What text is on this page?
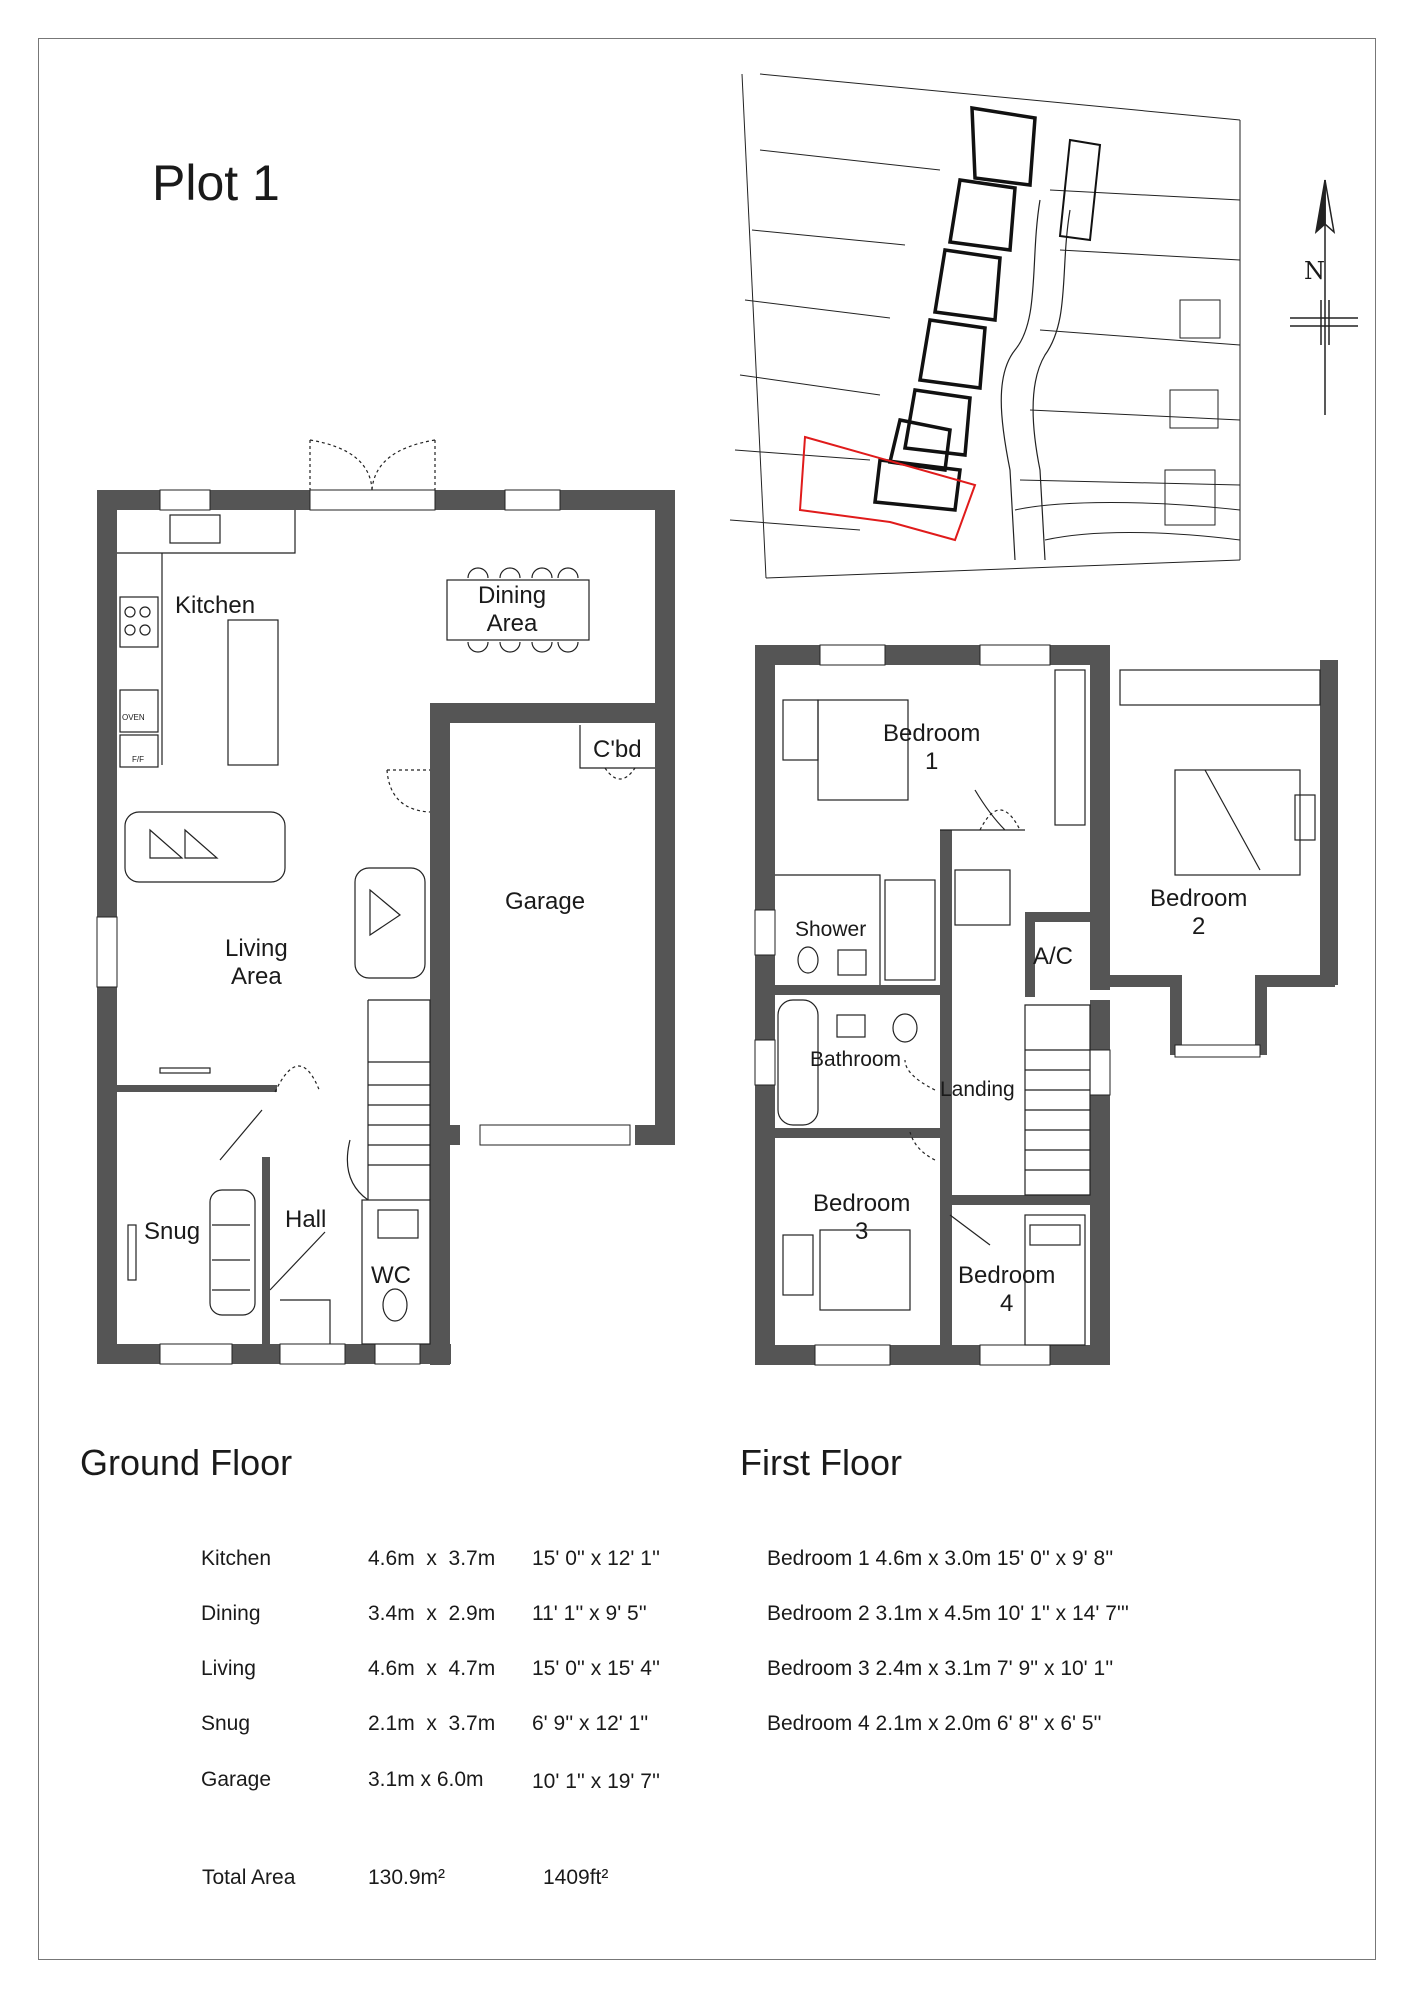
Plot 1
Kitchen	Dining
Area
C'bd
Garage
Living
Area
Snug	Hall
WC
Bedroom
1
Bedroom
2
Shower
A/C
Bathroom
Landing
Bedroom
3
Bedroom
4
N
OVEN
F/F
Ground Floor	First Floor
Kitchen	4.6m  x  3.7m 15' 0'' x 12' 1''
Dining	3.4m  x  2.9m 11' 1'' x 9' 5''
Living	4.6m  x  4.7m 15' 0'' x 15' 4''
Snug	2.1m  x  3.7m 6' 9'' x 12' 1''
Garage	3.1m x 6.0m 10' 1'' x 19' 7''
Bedroom 1 4.6m x 3.0m 15' 0'' x 9' 8''
Bedroom 2 3.1m x 4.5m 10' 1'' x 14' 7'''
Bedroom 3 2.4m x 3.1m 7' 9'' x 10' 1''
Bedroom 4 2.1m x 2.0m 6' 8'' x 6' 5''
Total Area	130.9m²	1409ft²
